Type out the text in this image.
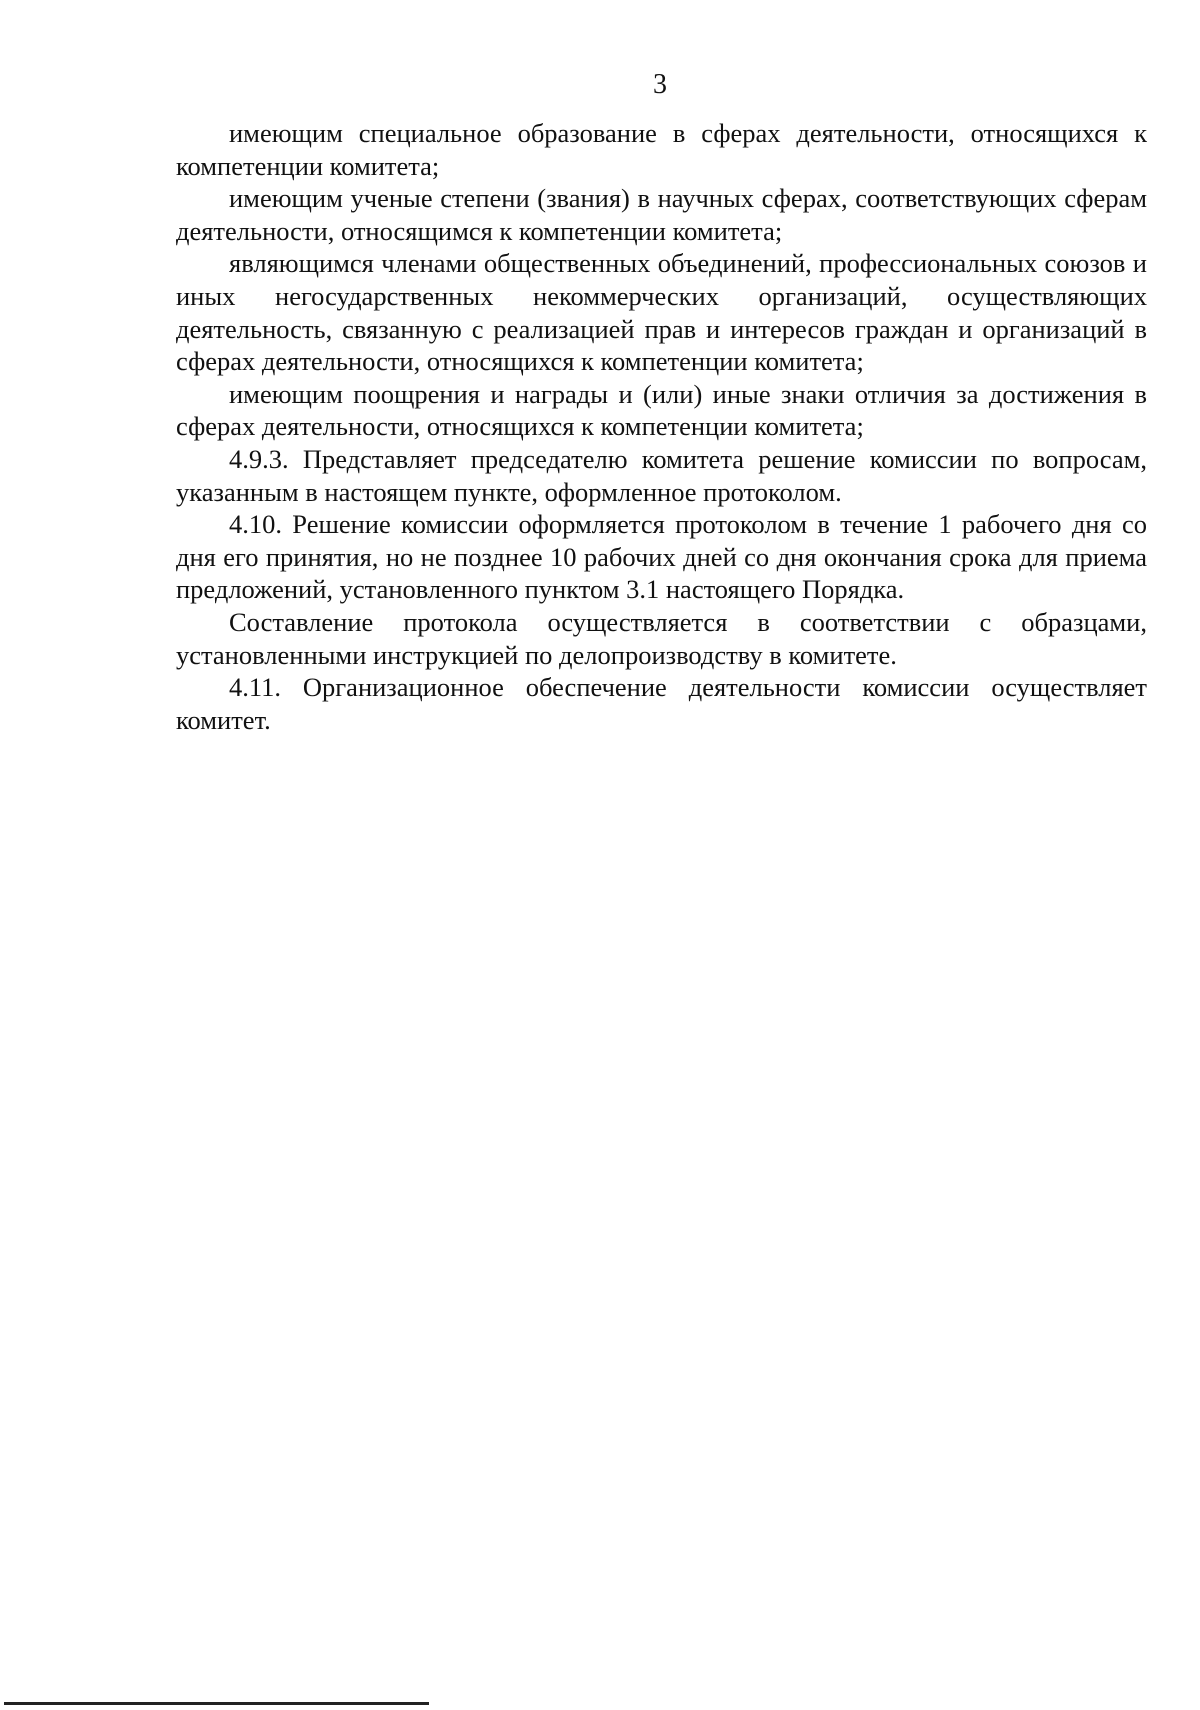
3

имеющим специальное образование в сферах деятельности, относящихся к компетенции комитета;

имеющим ученые степени (звания) в научных сферах, соответствующих сферам деятельности, относящимся к компетенции комитета;

являющимся членами общественных объединений, профессиональных союзов и иных негосударственных некоммерческих организаций, осуществляющих деятельность, связанную с реализацией прав и интересов граждан и организаций в сферах деятельности, относящихся к компетенции комитета;

имеющим поощрения и награды и (или) иные знаки отличия за достижения в сферах деятельности, относящихся к компетенции комитета;

4.9.3. Представляет председателю комитета решение комиссии по вопросам, указанным в настоящем пункте, оформленное протоколом.

4.10. Решение комиссии оформляется протоколом в течение 1 рабочего дня со дня его принятия, но не позднее 10 рабочих дней со дня окончания срока для приема предложений, установленного пунктом 3.1 настоящего Порядка.

Составление протокола осуществляется в соответствии с образцами, установленными инструкцией по делопроизводству в комитете.

4.11. Организационное обеспечение деятельности комиссии осуществляет комитет.
